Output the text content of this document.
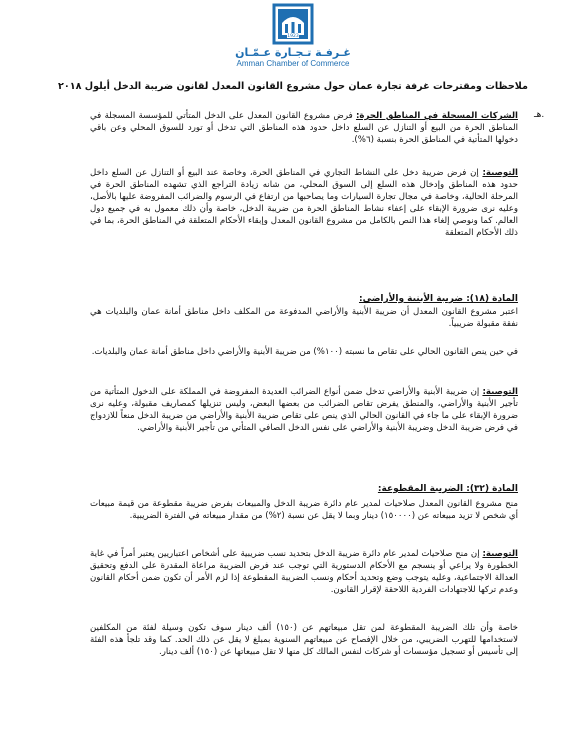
1923
غـرفـة تـجـارة عـمّـان
Amman Chamber of Commerce
ملاحظات ومقترحات غرفة تجارة عمان حول مشروع القانون المعدل لقانون ضريبة الدخل أيلول ٢٠١٨
هـ.
الشركات المسجلة في المناطق الحرة: فرض مشروع القانون المعدل على الدخل المتأتي للمؤسسة المسجلة في المناطق الحرة من البيع أو التنازل عن السلع داخل حدود هذه المناطق التي تدخل أو تورد للسوق المحلي وعن باقي دخولها المتأتية في المناطق الحرة بنسبة (٦%).
التوصية: إن فرض ضريبة دخل على النشاط التجاري في المناطق الحرة، وخاصة عند البيع أو التنازل عن السلع داخل حدود هذه المناطق وإدخال هذه السلع إلى السوق المحلي، من شانه زيادة التراجع الذي تشهده المناطق الحرة في المرحلة الحالية، وخاصة في مجال تجارة السيارات وما يصاحبها من ارتفاع في الرسوم والضرائب المفروضة عليها بالأصل، وعليه نرى ضرورة الإبقاء على إعفاء نشاط المناطق الحرة من ضريبة الدخل، خاصة وأن ذلك معمول به في جميع دول العالم. كما ونوصي إلغاء هذا النص بالكامل من مشروع القانون المعدل وإبقاء الأحكام المتعلقة في المناطق الحرة، بما في ذلك الأحكام المتعلقة
المادة (١٨): ضريبة الأبنية والأراضي:
اعتبر مشروع القانون المعدل أن ضريبة الأبنية والأراضي المدفوعة من المكلف داخل مناطق أمانة عمان والبلديات هي نفقة مقبولة ضريبياً.
في حين ينص القانون الحالي على تقاص ما نسبته (١٠٠%) من ضريبة الأبنية والأراضي داخل مناطق أمانة عمان والبلديات.
التوصية: إن ضريبة الأبنية والأراضي تدخل ضمن أنواع الضرائب العديدة المفروضة في المملكة على الدخول المتأتية من تأجير الأبنية والأراضي، والمنطق يفرض تقاص الضرائب من بعضها البعض، وليس تنزيلها كمصاريف مقبولة، وعليه نرى ضرورة الإبقاء على ما جاء في القانون الحالي الذي ينص على تقاص ضريبة الأبنية والأراضي من ضريبة الدخل منعاً للازدواج في فرض ضريبة الدخل وضريبة الأبنية والأراضي على نفس الدخل الصافي المتأتي من تأجير الأبنية والأراضي.
المادة (٣٢): الضريبة المقطوعة:
منح مشروع القانون المعدل صلاحيات لمدير عام دائرة ضريبة الدخل والمبيعات بفرض ضريبة مقطوعة من قيمة مبيعات أي شخص لا تزيد مبيعاته عن (١٥٠٠٠٠) دينار وبما لا يقل عن نسبة (٢%) من مقدار مبيعاته في الفترة الضريبية.
التوصية: إن منح صلاحيات لمدير عام دائرة ضريبة الدخل بتحديد نسب ضريبية على أشخاص اعتباريين يعتبر أمراً في غاية الخطورة ولا يراعي أو ينسجم مع الأحكام الدستورية التي توجب عند فرض الضريبة مراعاة المقدرة على الدفع وتحقيق العدالة الاجتماعية، وعليه يتوجب وضع وتحديد أحكام ونسب الضريبة المقطوعة إذا لزم الأمر أن تكون ضمن أحكام القانون وعدم تركها للاجتهادات الفردية اللاحقة لإقرار القانون.
خاصة وأن تلك الضريبة المقطوعة لمن تقل مبيعاتهم عن (١٥٠) ألف دينار سوف تكون وسيلة لفئة من المكلفين لاستخدامها للتهرب الضريبي، من خلال الإفصاح عن مبيعاتهم السنوية بمبلغ لا يقل عن ذلك الحد. كما وقد تلجأ هذه الفئة إلى تأسيس أو تسجيل مؤسسات أو شركات لنفس المالك كل منها لا تقل مبيعاتها عن (١٥٠) ألف دينار.
